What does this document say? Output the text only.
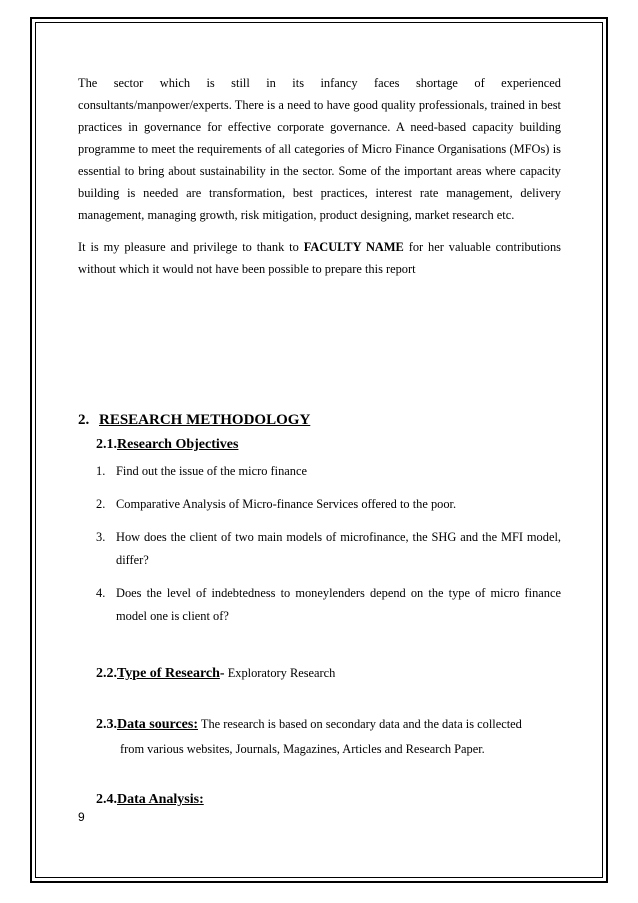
The sector which is still in its infancy faces shortage of experienced consultants/manpower/experts. There is a need to have good quality professionals, trained in best practices in governance for effective corporate governance. A need-based capacity building programme to meet the requirements of all categories of Micro Finance Organisations (MFOs) is essential to bring about sustainability in the sector. Some of the important areas where capacity building is needed are transformation, best practices, interest rate management, delivery management, managing growth, risk mitigation, product designing, market research etc.

It is my pleasure and privilege to thank to FACULTY NAME for her valuable contributions without which it would not have been possible to prepare this report

2. RESEARCH METHODOLOGY
2.1.Research Objectives
1. Find out the issue of the micro finance
2. Comparative Analysis of Micro-finance Services offered to the poor.
3. How does the client of two main models of microfinance, the SHG and the MFI model, differ?
4. Does the level of indebtedness to moneylenders depend on the type of micro finance model one is client of?
2.2.Type of Research- Exploratory Research
2.3.Data sources: The research is based on secondary data and the data is collected
from various websites, Journals, Magazines, Articles and Research Paper.
2.4.Data Analysis:
9
